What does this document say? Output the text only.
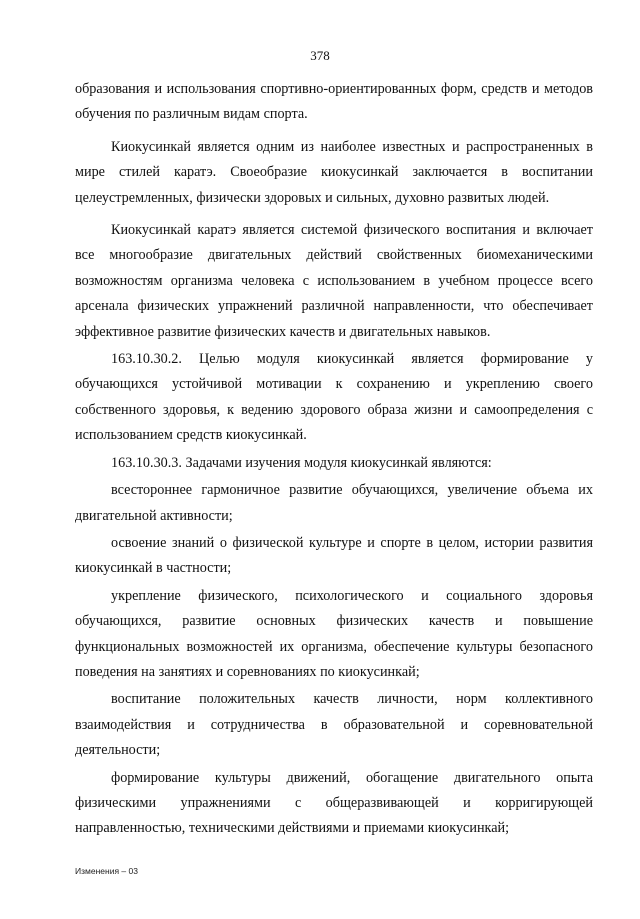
378

образования и использования спортивно-ориентированных форм, средств и методов обучения по различным видам спорта.

Киокусинкай является одним из наиболее известных и распространенных в мире стилей каратэ. Своеобразие киокусинкай заключается в воспитании целеустремленных, физически здоровых и сильных, духовно развитых людей.

Киокусинкай каратэ является системой физического воспитания и включает все многообразие двигательных действий свойственных биомеханическими возможностям организма человека с использованием в учебном процессе всего арсенала физических упражнений различной направленности, что обеспечивает эффективное развитие физических качеств и двигательных навыков.

163.10.30.2. Целью модуля киокусинкай является формирование у обучающихся устойчивой мотивации к сохранению и укреплению своего собственного здоровья, к ведению здорового образа жизни и самоопределения с использованием средств киокусинкай.

163.10.30.3. Задачами изучения модуля киокусинкай являются:

всестороннее гармоничное развитие обучающихся, увеличение объема их двигательной активности;

освоение знаний о физической культуре и спорте в целом, истории развития киокусинкай в частности;

укрепление физического, психологического и социального здоровья обучающихся, развитие основных физических качеств и повышение функциональных возможностей их организма, обеспечение культуры безопасного поведения на занятиях и соревнованиях по киокусинкай;

воспитание положительных качеств личности, норм коллективного взаимодействия и сотрудничества в образовательной и соревновательной деятельности;

формирование культуры движений, обогащение двигательного опыта физическими упражнениями с общеразвивающей и корригирующей направленностью, техническими действиями и приемами киокусинкай;

Изменения – 03
